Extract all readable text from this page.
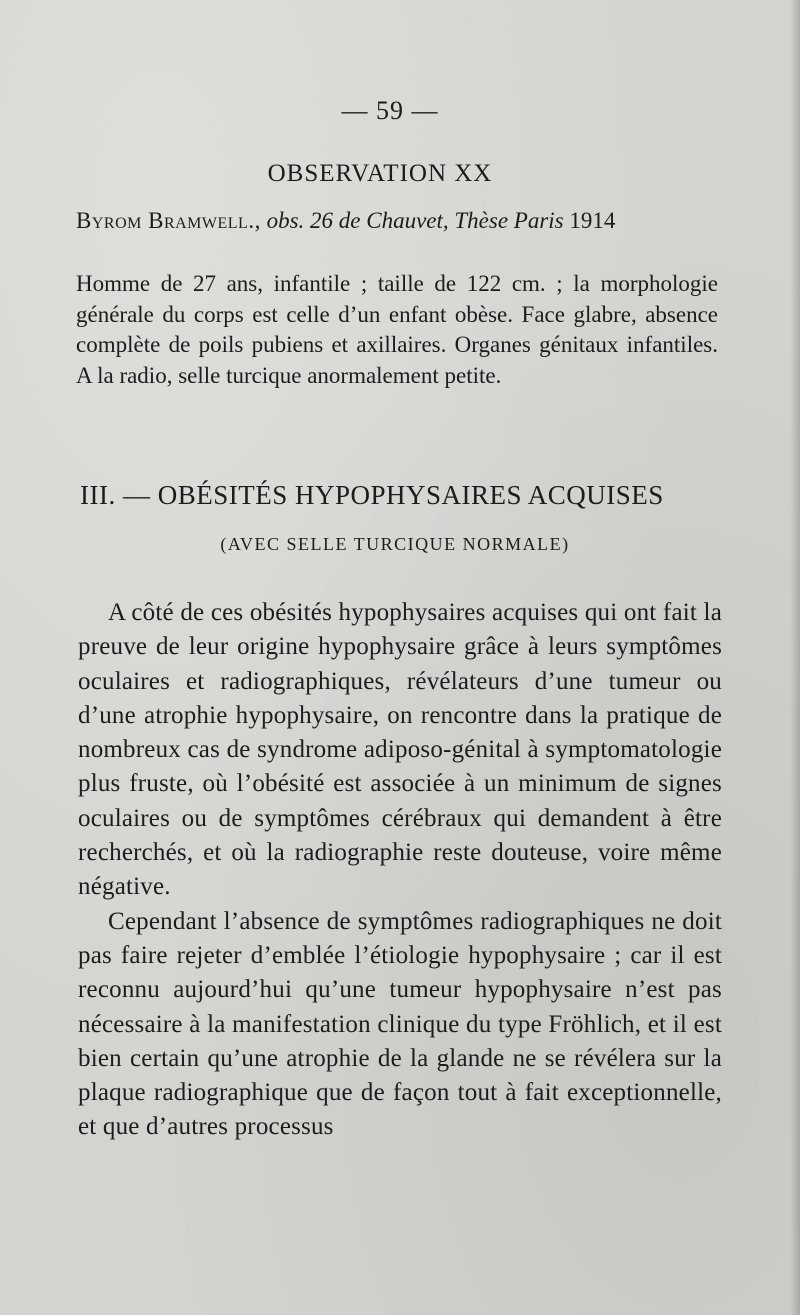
— 59 —
OBSERVATION XX
Byrom Bramwell., obs. 26 de Chauvet, Thèse Paris 1914

Homme de 27 ans, infantile ; taille de 122 cm. ; la morphologie générale du corps est celle d’un enfant obèse. Face glabre, absence complète de poils pubiens et axillaires. Organes génitaux infantiles. A la radio, selle turcique anormalement petite.

III. — OBÉSITÉS HYPOPHYSAIRES ACQUISES
(AVEC SELLE TURCIQUE NORMALE)

A côté de ces obésités hypophysaires acquises qui ont fait la preuve de leur origine hypophysaire grâce à leurs symptômes oculaires et radiographiques, révélateurs d’une tumeur ou d’une atrophie hypophysaire, on rencontre dans la pratique de nombreux cas de syndrome adiposo-génital à symptomatologie plus fruste, où l’obésité est associée à un minimum de signes oculaires ou de symptômes cérébraux qui demandent à être recherchés, et où la radiographie reste douteuse, voire même négative.

Cependant l’absence de symptômes radiographiques ne doit pas faire rejeter d’emblée l’étiologie hypophysaire ; car il est reconnu aujourd’hui qu’une tumeur hypophysaire n’est pas nécessaire à la manifestation clinique du type Fröhlich, et il est bien certain qu’une atrophie de la glande ne se révélera sur la plaque radiographique que de façon tout à fait exceptionnelle, et que d’autres processus
